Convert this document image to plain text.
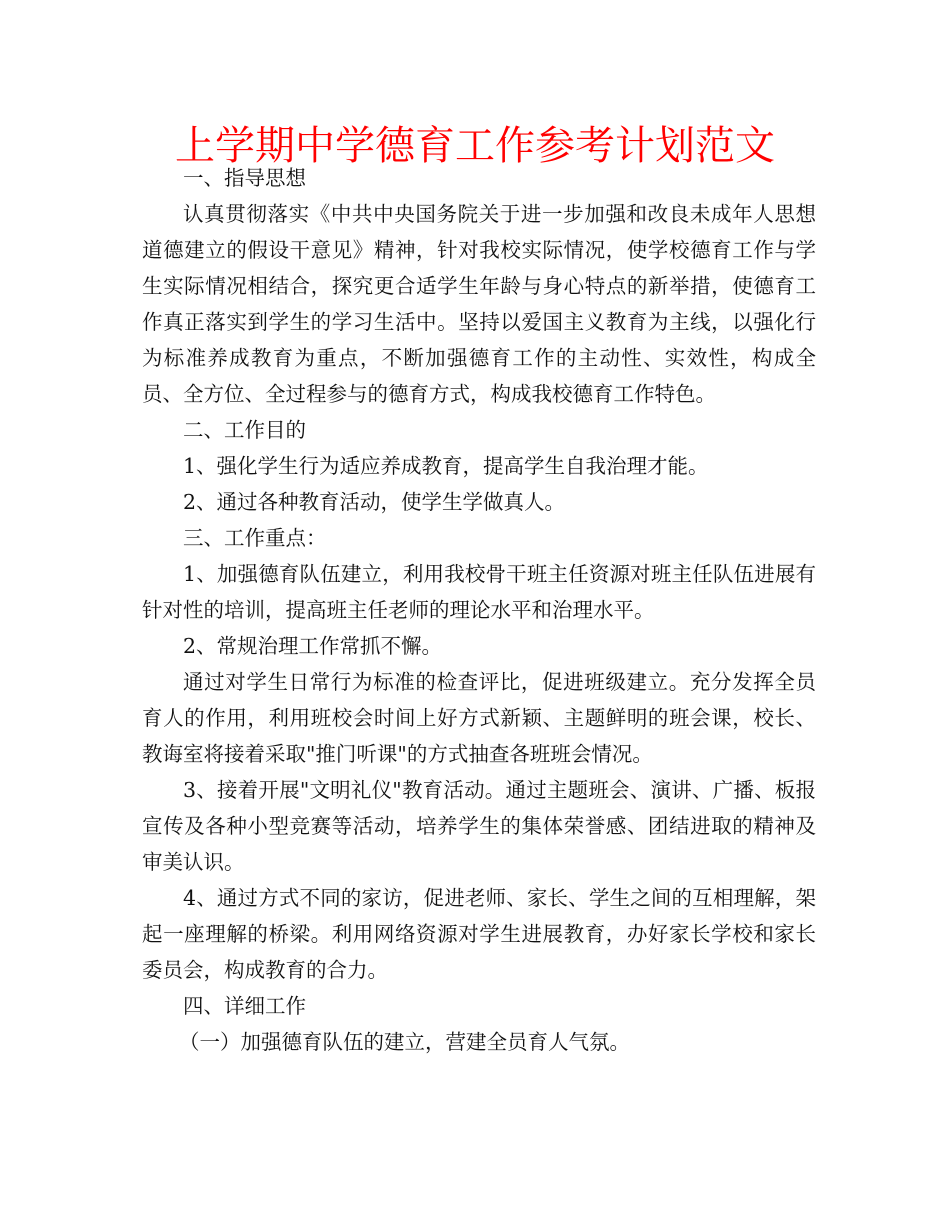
上学期中学德育工作参考计划范文

一、指导思想

认真贯彻落实《中共中央国务院关于进一步加强和改良未成年人思想道德建立的假设干意见》精神，针对我校实际情况，使学校德育工作与学生实际情况相结合，探究更合适学生年龄与身心特点的新举措，使德育工作真正落实到学生的学习生活中。坚持以爱国主义教育为主线，以强化行为标准养成教育为重点，不断加强德育工作的主动性、实效性，构成全员、全方位、全过程参与的德育方式，构成我校德育工作特色。

二、工作目的

1、强化学生行为适应养成教育，提高学生自我治理才能。

2、通过各种教育活动，使学生学做真人。

三、工作重点：

1、加强德育队伍建立，利用我校骨干班主任资源对班主任队伍进展有针对性的培训，提高班主任老师的理论水平和治理水平。

2、常规治理工作常抓不懈。

通过对学生日常行为标准的检查评比，促进班级建立。充分发挥全员育人的作用，利用班校会时间上好方式新颖、主题鲜明的班会课，校长、教诲室将接着采取"推门听课"的方式抽查各班班会情况。

3、接着开展"文明礼仪"教育活动。通过主题班会、演讲、广播、板报宣传及各种小型竞赛等活动，培养学生的集体荣誉感、团结进取的精神及审美认识。

4、通过方式不同的家访，促进老师、家长、学生之间的互相理解，架起一座理解的桥梁。利用网络资源对学生进展教育，办好家长学校和家长委员会，构成教育的合力。

四、详细工作

（一）加强德育队伍的建立，营建全员育人气氛。
